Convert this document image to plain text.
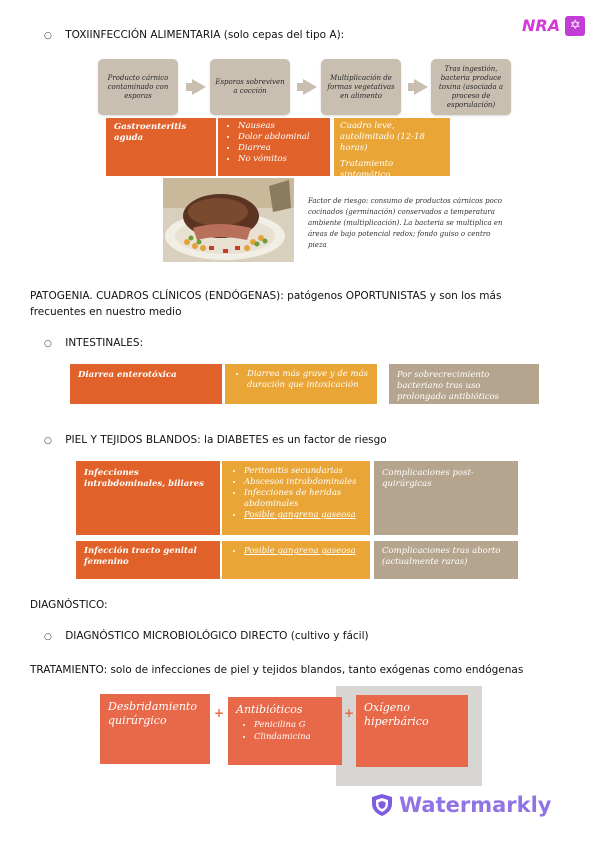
NRA ✡
○ TOXIINFECCIÓN ALIMENTARIA (solo cepas del tipo A):
Producto cárnico contaminado con esporas
Esporas sobreviven a cocción
Multiplicación de formas vegetativas en alimento
Tras ingestión, bacteria produce toxina (asociada a proceso de esporulación)
Gastroenteritis aguda
• Nauseas
• Dolor abdominal
• Diarrea
• No vómitos
Cuadro leve, autolimitado (12-18 horas)
Tratamiento sintomático
Factor de riesgo: consumo de productos cárnicos poco cocinados (germinación) conservados a temperatura ambiente (multiplicación). La bacteria se multiplica en áreas de bajo potencial redox; fondo guiso o centro pieza
PATOGENIA. CUADROS CLÍNICOS (ENDÓGENAS): patógenos OPORTUNISTAS y son los más
frecuentes en nuestro medio
○ INTESTINALES:
Diarrea enterotóxica
•	Diarrea más grave y de más duración que intoxicación
Por sobrecrecimiento bacteriano tras uso prolongado antibióticos
○ PIEL Y TEJIDOS BLANDOS: la DIABETES es un factor de riesgo
Infecciones intrabdominales, biliares
• Peritonitis secundarias
• Abscesos intrabdominales
• Infecciones de heridas abdominales
• Posible gangrena gaseosa
Complicaciones post-quirúrgicas
Infección tracto genital femenino
• Posible gangrena gaseosa	Complicaciones tras aborto (actualmente raras)
DIAGNÓSTICO:
○ DIAGNÓSTICO MICROBIOLÓGICO DIRECTO (cultivo y fácil)
TRATAMIENTO: solo de infecciones de piel y tejidos blandos, tanto exógenas como endógenas
Desbridamiento quirúrgico
+ Antibióticos
• Penicilina G
• Clindamicina
+ Oxígeno hiperbárico
Watermarkly
